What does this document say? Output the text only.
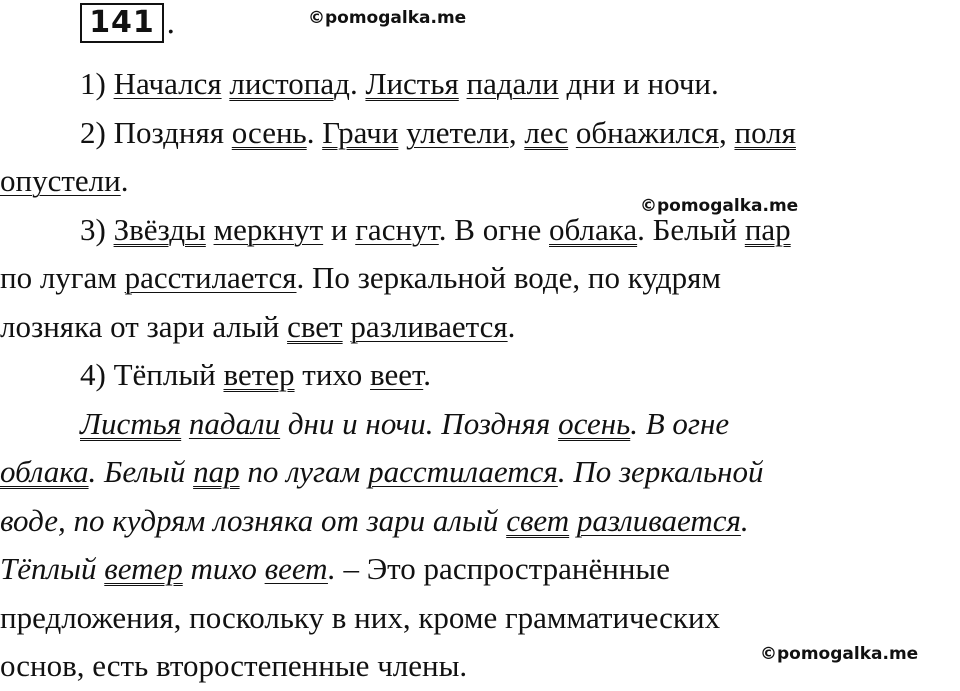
141 .	©pomogalka.me
©pomogalka.me
©pomogalka.me
1) Начался листопад. Листья падали дни и ночи.
2) Поздняя осень. Грачи улетели, лес обнажился, поля
опустели.
3) Звёзды меркнут и гаснут. В огне облака. Белый пар
по лугам расстилается. По зеркальной воде, по кудрям
лозняка от зари алый свет разливается.
4) Тёплый ветер тихо веет.
Листья падали дни и ночи. Поздняя осень. В огне
облака. Белый пар по лугам расстилается. По зеркальной
воде, по кудрям лозняка от зари алый свет разливается.
Тёплый ветер тихо веет. – Это распространённые
предложения, поскольку в них, кроме грамматических
основ, есть второстепенные члены.
